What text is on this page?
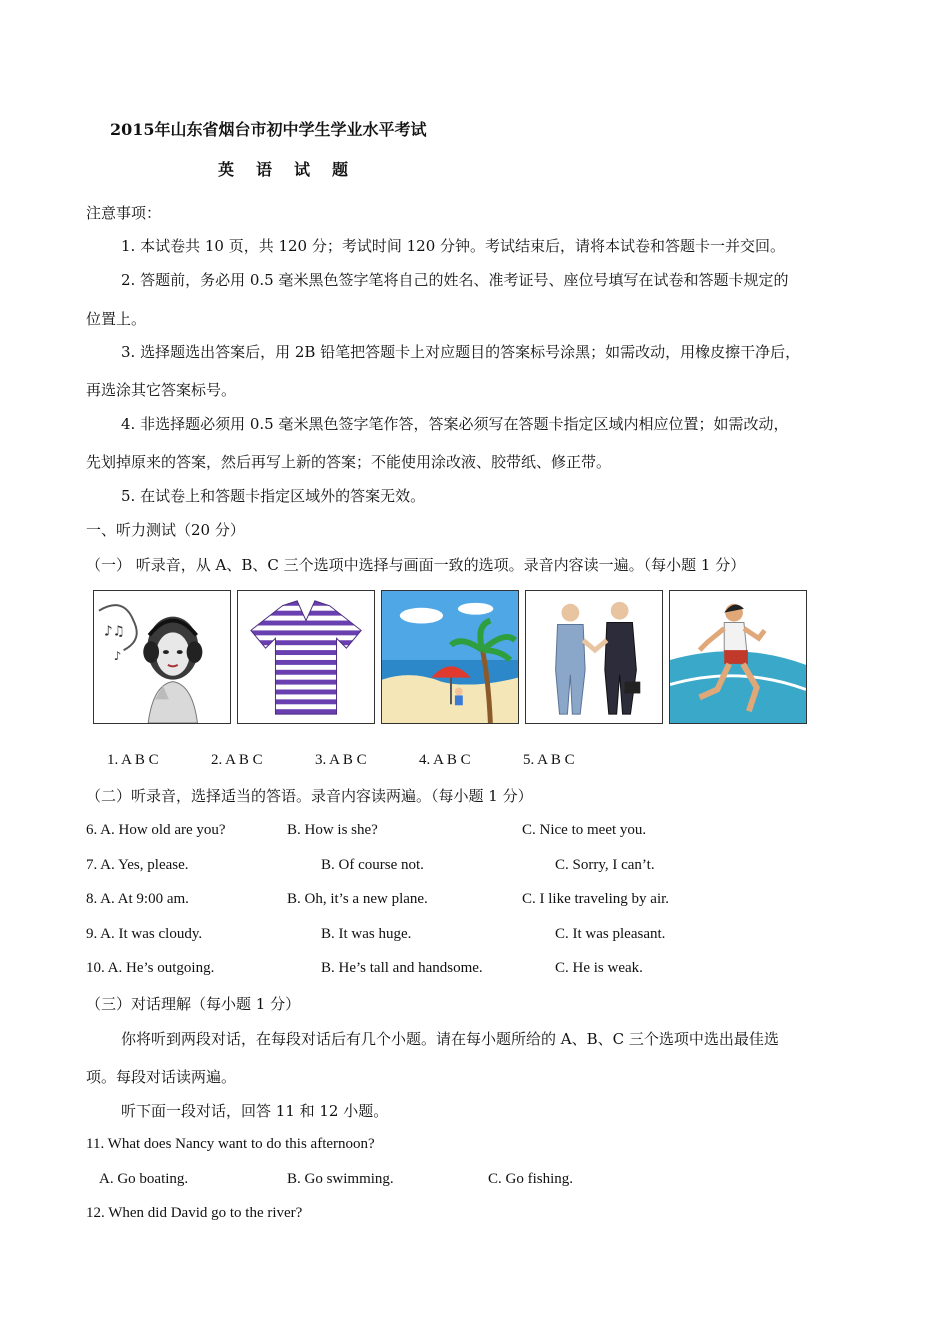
2015年山东省烟台市初中学生学业水平考试
英 语 试 题
注意事项：
1. 本试卷共 10 页，共 120 分；考试时间 120 分钟。考试结束后，请将本试卷和答题卡一并交回。
2. 答题前，务必用 0.5 毫米黑色签字笔将自己的姓名、准考证号、座位号填写在试卷和答题卡规定的
位置上。
3. 选择题选出答案后，用 2B 铅笔把答题卡上对应题目的答案标号涂黑；如需改动，用橡皮擦干净后，
再选涂其它答案标号。
4. 非选择题必须用 0.5 毫米黑色签字笔作答，答案必须写在答题卡指定区域内相应位置；如需改动，
先划掉原来的答案，然后再写上新的答案；不能使用涂改液、胶带纸、修正带。
5. 在试卷上和答题卡指定区域外的答案无效。
一、听力测试（20 分）
（一） 听录音，从 A、B、C 三个选项中选择与画面一致的选项。录音内容读一遍。（每小题 1 分）
♪♫
♪
1. A B C	2. A B C	3. A B C	4. A B C	5. A B C
（二）听录音，选择适当的答语。录音内容读两遍。（每小题 1 分）
6. A. How old are you?	B. How is she?	C. Nice to meet you.
7. A. Yes, please.	B. Of course not.	C. Sorry, I can’t.
8. A. At 9:00 am.	B. Oh, it’s a new plane.	C. I like traveling by air.
9. A. It was cloudy.	B. It was huge.	C. It was pleasant.
10. A. He’s outgoing.	B. He’s tall and handsome.	C. He is weak.
（三）对话理解（每小题 1 分）
你将听到两段对话，在每段对话后有几个小题。请在每小题所给的 A、B、C 三个选项中选出最佳选
项。每段对话读两遍。
听下面一段对话，回答 11 和 12 小题。
11. What does Nancy want to do this afternoon?
A. Go boating.	B. Go swimming.	C. Go fishing.
12. When did David go to the river?
